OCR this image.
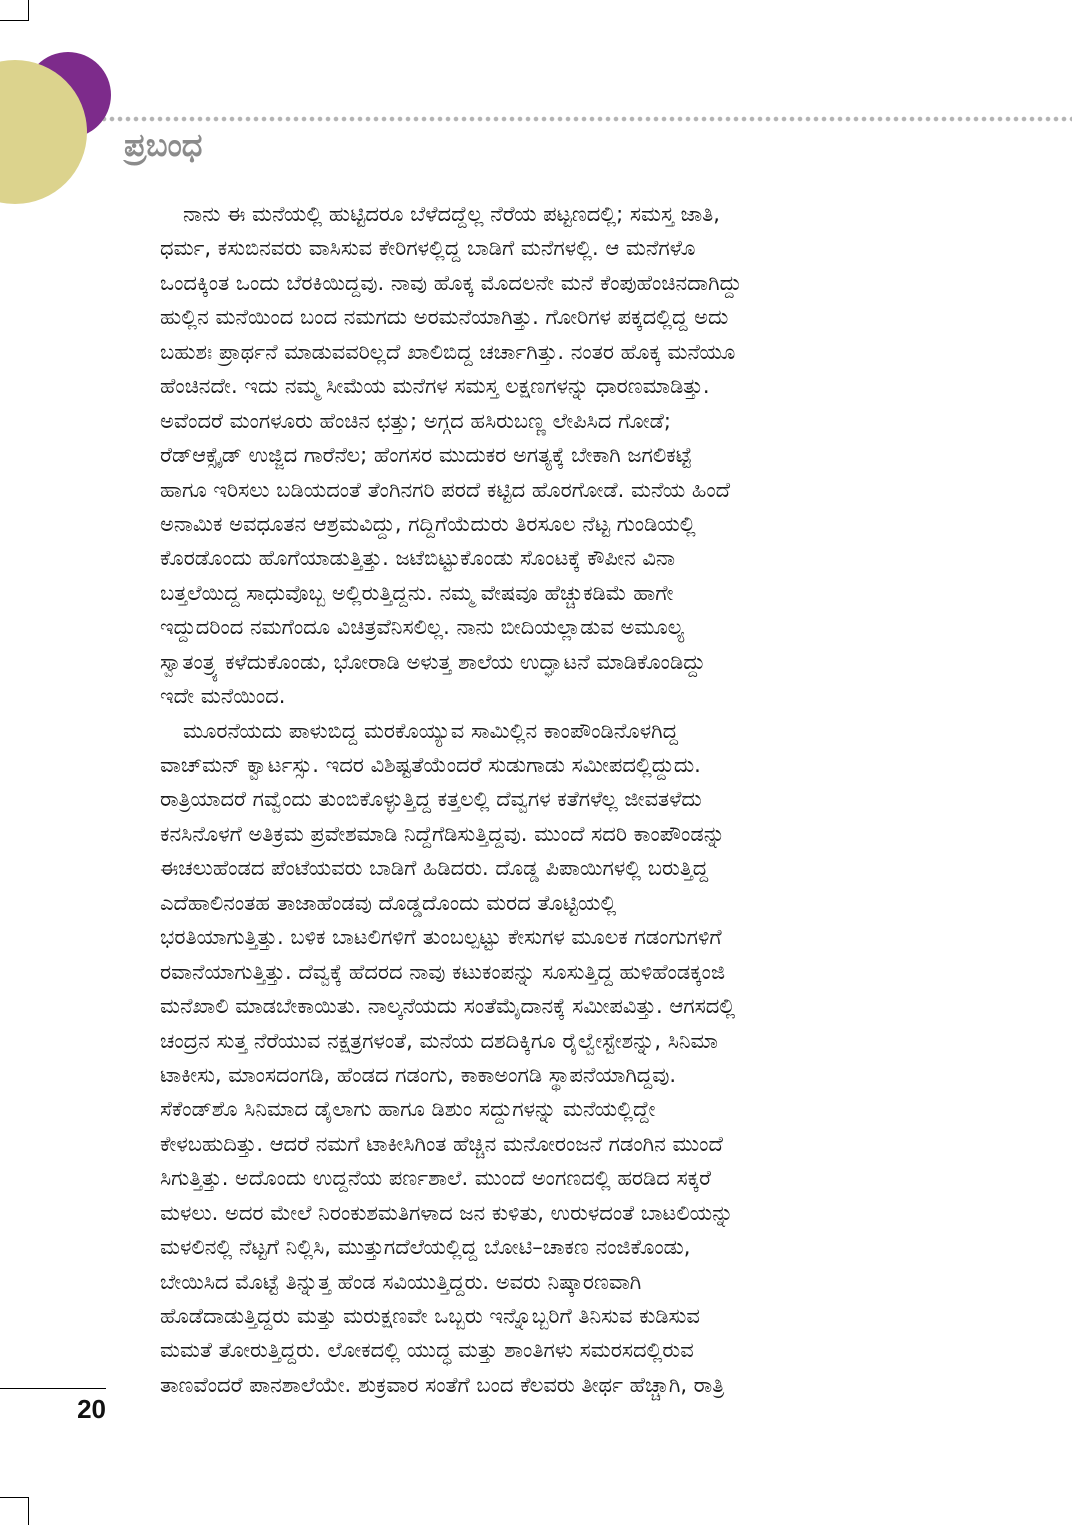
ಪ್ರಬಂಧ
ನಾನು ಈ ಮನೆಯಲ್ಲಿ ಹುಟ್ಟಿದರೂ ಬೆಳೆದದ್ದೆಲ್ಲ ನೆರೆಯ ಪಟ್ಟಣದಲ್ಲಿ; ಸಮಸ್ತ ಜಾತಿ,
ಧರ್ಮ, ಕಸುಬಿನವರು ವಾಸಿಸುವ ಕೇರಿಗಳಲ್ಲಿದ್ದ ಬಾಡಿಗೆ ಮನೆಗಳಲ್ಲಿ. ಆ ಮನೆಗಳೊ
ಒಂದಕ್ಕಿಂತ ಒಂದು ಬೆರಕಿಯಿದ್ದವು. ನಾವು ಹೊಕ್ಕ ಮೊದಲನೇ ಮನೆ ಕೆಂಪುಹೆಂಚಿನದಾಗಿದ್ದು
ಹುಲ್ಲಿನ ಮನೆಯಿಂದ ಬಂದ ನಮಗದು ಅರಮನೆಯಾಗಿತ್ತು. ಗೋರಿಗಳ ಪಕ್ಕದಲ್ಲಿದ್ದ ಅದು
ಬಹುಶಃ ಪ್ರಾರ್ಥನೆ ಮಾಡುವವರಿಲ್ಲದೆ ಖಾಲಿಬಿದ್ದ ಚರ್ಚಾಗಿತ್ತು. ನಂತರ ಹೊಕ್ಕ ಮನೆಯೂ
ಹೆಂಚಿನದೇ. ಇದು ನಮ್ಮ ಸೀಮೆಯ ಮನೆಗಳ ಸಮಸ್ತ ಲಕ್ಷಣಗಳನ್ನು ಧಾರಣಮಾಡಿತ್ತು.
ಅವೆಂದರೆ ಮಂಗಳೂರು ಹೆಂಚಿನ ಛತ್ತು; ಅಗ್ಗದ ಹಸಿರುಬಣ್ಣ ಲೇಪಿಸಿದ ಗೋಡೆ;
ರೆಡ್‌ಆಕ್ಸೈಡ್ ಉಜ್ಜಿದ ಗಾರೆನೆಲ; ಹೆಂಗಸರ ಮುದುಕರ ಅಗತ್ಯಕ್ಕೆ ಬೇಕಾಗಿ ಜಗಲಿಕಟ್ಟೆ
ಹಾಗೂ ಇರಿಸಲು ಬಡಿಯದಂತೆ ತೆಂಗಿನಗರಿ ಪರದೆ ಕಟ್ಟಿದ ಹೊರಗೋಡೆ. ಮನೆಯ ಹಿಂದೆ
ಅನಾಮಿಕ ಅವಧೂತನ ಆಶ್ರಮವಿದ್ದು, ಗದ್ದಿಗೆಯೆದುರು ತಿರಸೂಲ ನೆಟ್ಟ ಗುಂಡಿಯಲ್ಲಿ
ಕೊರಡೊಂದು ಹೊಗೆಯಾಡುತ್ತಿತ್ತು. ಜಟೆಬಿಟ್ಟುಕೊಂಡು ಸೊಂಟಕ್ಕೆ ಕೌಪೀನ ವಿನಾ
ಬತ್ತಲೆಯಿದ್ದ ಸಾಧುವೊಬ್ಬ ಅಲ್ಲಿರುತ್ತಿದ್ದನು. ನಮ್ಮ ವೇಷವೂ ಹೆಚ್ಚುಕಡಿಮೆ ಹಾಗೇ
ಇದ್ದುದರಿಂದ ನಮಗೆಂದೂ ವಿಚಿತ್ರವೆನಿಸಲಿಲ್ಲ. ನಾನು ಬೀದಿಯಲ್ಲಾಡುವ ಅಮೂಲ್ಯ
ಸ್ವಾತಂತ್ರ್ಯ ಕಳೆದುಕೊಂಡು, ಭೋರಾಡಿ ಅಳುತ್ತ ಶಾಲೆಯ ಉದ್ಘಾಟನೆ ಮಾಡಿಕೊಂಡಿದ್ದು
ಇದೇ ಮನೆಯಿಂದ.
ಮೂರನೆಯದು ಪಾಳುಬಿದ್ದ ಮರಕೊಯ್ಯುವ ಸಾಮಿಲ್ಲಿನ ಕಾಂಪೌಂಡಿನೊಳಗಿದ್ದ
ವಾಚ್‌ಮನ್ ಕ್ವಾರ್ಟಸ್ಸು. ಇದರ ವಿಶಿಷ್ಟತೆಯೆಂದರೆ ಸುಡುಗಾಡು ಸಮೀಪದಲ್ಲಿದ್ದುದು.
ರಾತ್ರಿಯಾದರೆ ಗವ್ವೆಂದು ತುಂಬಿಕೊಳ್ಳುತ್ತಿದ್ದ ಕತ್ತಲಲ್ಲಿ ದೆವ್ವಗಳ ಕತೆಗಳೆಲ್ಲ ಜೀವತಳೆದು
ಕನಸಿನೊಳಗೆ ಅತಿಕ್ರಮ ಪ್ರವೇಶಮಾಡಿ ನಿದ್ದೆಗೆಡಿಸುತ್ತಿದ್ದವು. ಮುಂದೆ ಸದರಿ ಕಾಂಪೌಂಡನ್ನು
ಈಚಲುಹೆಂಡದ ಪೆಂಟೆಯವರು ಬಾಡಿಗೆ ಹಿಡಿದರು. ದೊಡ್ಡ ಪಿಪಾಯಿಗಳಲ್ಲಿ ಬರುತ್ತಿದ್ದ
ಎದೆಹಾಲಿನಂತಹ ತಾಜಾಹೆಂಡವು ದೊಡ್ಡದೊಂದು ಮರದ ತೊಟ್ಟಿಯಲ್ಲಿ
ಭರತಿಯಾಗುತ್ತಿತ್ತು. ಬಳಿಕ ಬಾಟಲಿಗಳಿಗೆ ತುಂಬಲ್ಪಟ್ಟು ಕೇಸುಗಳ ಮೂಲಕ ಗಡಂಗುಗಳಿಗೆ
ರವಾನೆಯಾಗುತ್ತಿತ್ತು. ದೆವ್ವಕ್ಕೆ ಹೆದರದ ನಾವು ಕಟುಕಂಪನ್ನು ಸೂಸುತ್ತಿದ್ದ ಹುಳಿಹೆಂಡಕ್ಕಂಜಿ
ಮನೆಖಾಲಿ ಮಾಡಬೇಕಾಯಿತು. ನಾಲ್ಕನೆಯದು ಸಂತೆಮೈದಾನಕ್ಕೆ ಸಮೀಪವಿತ್ತು. ಆಗಸದಲ್ಲಿ
ಚಂದ್ರನ ಸುತ್ತ ನೆರೆಯುವ ನಕ್ಷತ್ರಗಳಂತೆ, ಮನೆಯ ದಶದಿಕ್ಕಿಗೂ ರೈಲ್ವೇಸ್ಟೇಶನ್ನು, ಸಿನಿಮಾ
ಟಾಕೀಸು, ಮಾಂಸದಂಗಡಿ, ಹೆಂಡದ ಗಡಂಗು, ಕಾಕಾಅಂಗಡಿ ಸ್ಥಾಪನೆಯಾಗಿದ್ದವು.
ಸೆಕೆಂಡ್‌ಶೊ ಸಿನಿಮಾದ ಡೈಲಾಗು ಹಾಗೂ ಡಿಶುಂ ಸದ್ದುಗಳನ್ನು ಮನೆಯಲ್ಲಿದ್ದೇ
ಕೇಳಬಹುದಿತ್ತು. ಆದರೆ ನಮಗೆ ಟಾಕೀಸಿಗಿಂತ ಹೆಚ್ಚಿನ ಮನೋರಂಜನೆ ಗಡಂಗಿನ ಮುಂದೆ
ಸಿಗುತ್ತಿತ್ತು. ಅದೊಂದು ಉದ್ದನೆಯ ಪರ್ಣಶಾಲೆ. ಮುಂದೆ ಅಂಗಣದಲ್ಲಿ ಹರಡಿದ ಸಕ್ಕರೆ
ಮಳಲು. ಅದರ ಮೇಲೆ ನಿರಂಕುಶಮತಿಗಳಾದ ಜನ ಕುಳಿತು, ಉರುಳದಂತೆ ಬಾಟಲಿಯನ್ನು
ಮಳಲಿನಲ್ಲಿ ನೆಟ್ಟಗೆ ನಿಲ್ಲಿಸಿ, ಮುತ್ತುಗದೆಲೆಯಲ್ಲಿದ್ದ ಬೋಟಿ–ಚಾಕಣ ನಂಜಿಕೊಂಡು,
ಬೇಯಿಸಿದ ಮೊಟ್ಟೆ ತಿನ್ನುತ್ತ ಹೆಂಡ ಸವಿಯುತ್ತಿದ್ದರು. ಅವರು ನಿಷ್ಕಾರಣವಾಗಿ
ಹೊಡೆದಾಡುತ್ತಿದ್ದರು ಮತ್ತು ಮರುಕ್ಷಣವೇ ಒಬ್ಬರು ಇನ್ನೊಬ್ಬರಿಗೆ ತಿನಿಸುವ ಕುಡಿಸುವ
ಮಮತೆ ತೋರುತ್ತಿದ್ದರು. ಲೋಕದಲ್ಲಿ ಯುದ್ಧ ಮತ್ತು ಶಾಂತಿಗಳು ಸಮರಸದಲ್ಲಿರುವ
ತಾಣವೆಂದರೆ ಪಾನಶಾಲೆಯೇ. ಶುಕ್ರವಾರ ಸಂತೆಗೆ ಬಂದ ಕೆಲವರು ತೀರ್ಥ ಹೆಚ್ಚಾಗಿ, ರಾತ್ರಿ
20
